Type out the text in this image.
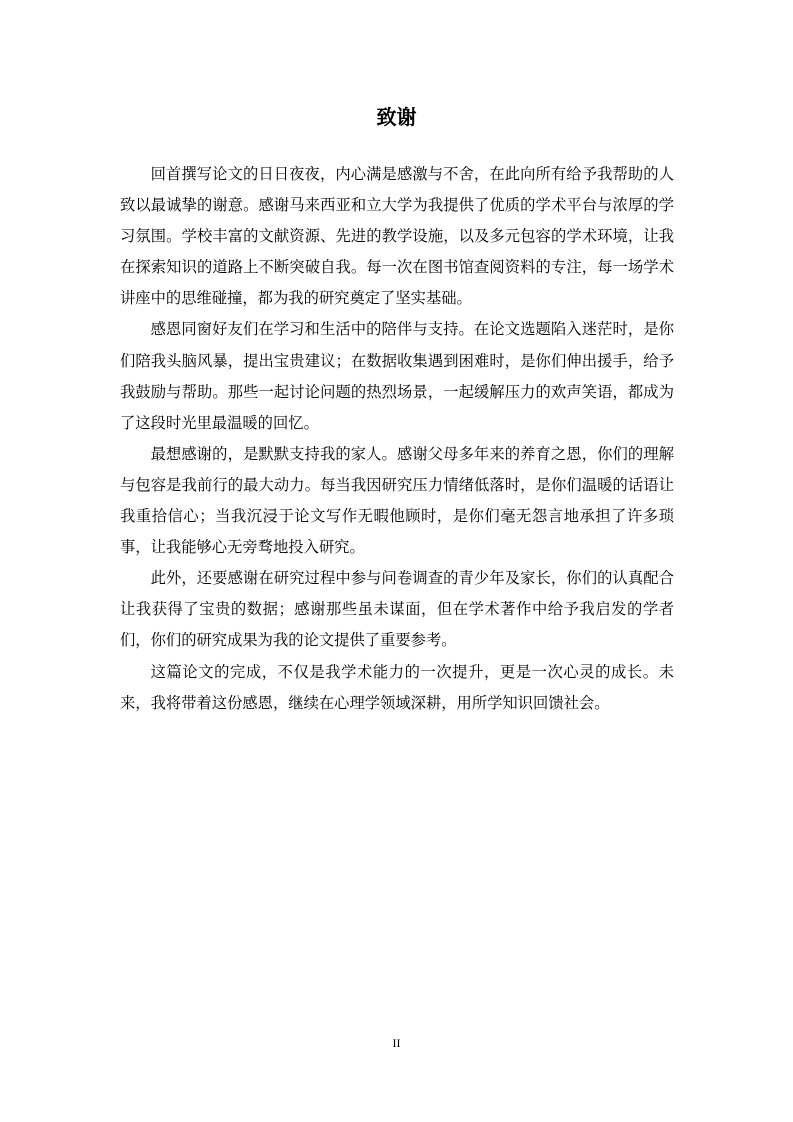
致谢

回首撰写论文的日日夜夜，内心满是感激与不舍，在此向所有给予我帮助的人致以最诚挚的谢意。感谢马来西亚和立大学为我提供了优质的学术平台与浓厚的学习氛围。学校丰富的文献资源、先进的教学设施，以及多元包容的学术环境，让我在探索知识的道路上不断突破自我。每一次在图书馆查阅资料的专注，每一场学术讲座中的思维碰撞，都为我的研究奠定了坚实基础。

感恩同窗好友们在学习和生活中的陪伴与支持。在论文选题陷入迷茫时，是你们陪我头脑风暴，提出宝贵建议；在数据收集遇到困难时，是你们伸出援手，给予我鼓励与帮助。那些一起讨论问题的热烈场景，一起缓解压力的欢声笑语，都成为了这段时光里最温暖的回忆。

最想感谢的，是默默支持我的家人。感谢父母多年来的养育之恩，你们的理解与包容是我前行的最大动力。每当我因研究压力情绪低落时，是你们温暖的话语让我重拾信心；当我沉浸于论文写作无暇他顾时，是你们毫无怨言地承担了许多琐事，让我能够心无旁骛地投入研究。

此外，还要感谢在研究过程中参与问卷调查的青少年及家长，你们的认真配合让我获得了宝贵的数据；感谢那些虽未谋面，但在学术著作中给予我启发的学者们，你们的研究成果为我的论文提供了重要参考。

这篇论文的完成，不仅是我学术能力的一次提升，更是一次心灵的成长。未来，我将带着这份感恩，继续在心理学领域深耕，用所学知识回馈社会。

II
